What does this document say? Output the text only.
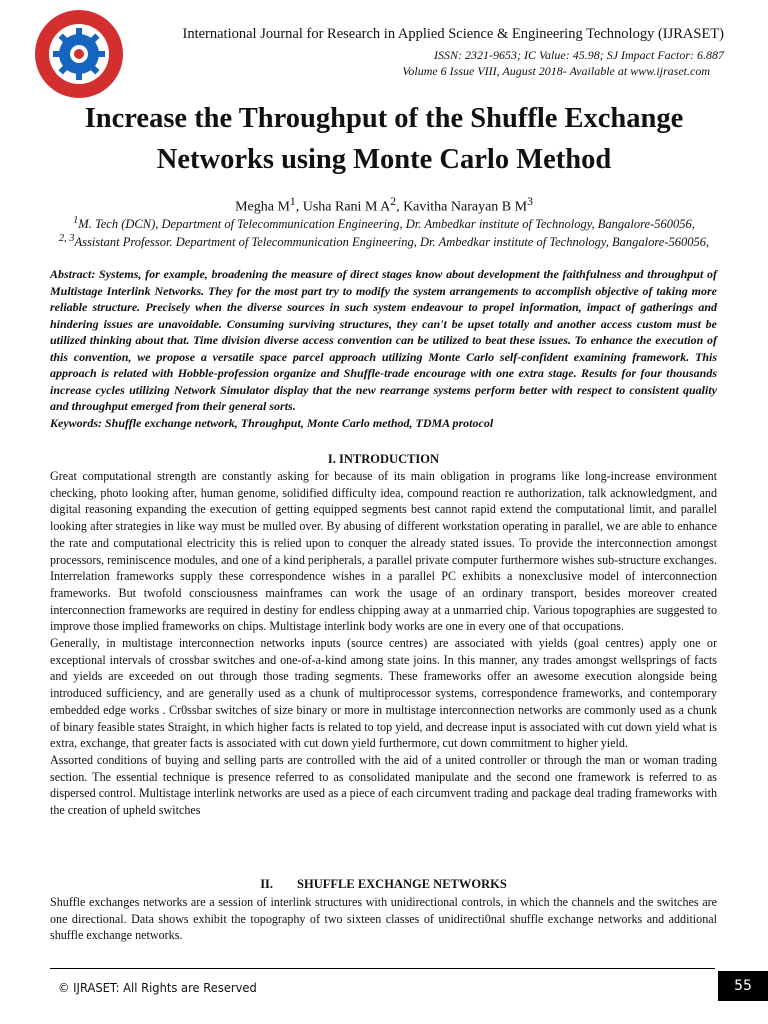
International Journal for Research in Applied Science & Engineering Technology (IJRASET)
ISSN: 2321-9653; IC Value: 45.98; SJ Impact Factor: 6.887
Volume 6 Issue VIII, August 2018- Available at www.ijraset.com
Increase the Throughput of the Shuffle Exchange Networks using Monte Carlo Method
Megha $M^1$, Usha Rani M $A^2$, Kavitha Narayan B $M^3$
$^1$M. Tech (DCN), Department of Telecommunication Engineering, Dr. Ambedkar institute of Technology, Bangalore-560056,
$^{2, 3}$Assistant Professor. Department of Telecommunication Engineering, Dr. Ambedkar institute of Technology, Bangalore-560056,

Abstract: Systems, for example, broadening the measure of direct stages know about development the faithfulness and throughput of Multistage Interlink Networks. They for the most part try to modify the system arrangements to accomplish objective of taking more reliable structure. Precisely when the diverse sources in such system endeavour to propel information, impact of gatherings and hindering issues are unavoidable. Consuming surviving structures, they can't be upset totally and another access custom must be utilized thinking about that. Time division diverse access convention can be utilized to beat these issues. To enhance the execution of this convention, we propose a versatile space parcel approach utilizing Monte Carlo self-confident examining framework. This approach is related with Hobble-profession organize and Shuffle-trade encourage with one extra stage. Results for four thousands increase cycles utilizing Network Simulator display that the new rearrange systems perform better with respect to consistent quality and throughput emerged from their general sorts.

Keywords: Shuffle exchange network, Throughput, Monte Carlo method, TDMA protocol

I. INTRODUCTION

Great computational strength are constantly asking for because of its main obligation in programs like long-increase environment checking, photo looking after, human genome, solidified difficulty idea, compound reaction re authorization, talk acknowledgment, and digital reasoning expanding the execution of getting equipped segments best cannot rapid extend the computational limit, and parallel looking after strategies in like way must be mulled over. By abusing of different workstation operating in parallel, we are able to enhance the rate and computational electricity this is relied upon to conquer the already stated issues. To provide the interconnection amongst processors, reminiscence modules, and one of a kind peripherals, a parallel private computer furthermore wishes sub-structure exchanges.

Interrelation frameworks supply these correspondence wishes in a parallel PC exhibits a nonexclusive model of interconnection frameworks. But twofold consciousness mainframes can work the usage of an ordinary transport, besides moreover created interconnection frameworks are required in destiny for endless chipping away at a unmarried chip. Various topographies are suggested to improve those implied frameworks on chips. Multistage interlink body works are one in every one of that occupations.

Generally, in multistage interconnection networks inputs (source centres) are associated with yields (goal centres) apply one or exceptional intervals of crossbar switches and one-of-a-kind among state joins. In this manner, any trades amongst wellsprings of facts and yields are exceeded on out through those trading segments. These frameworks offer an awesome execution alongside being introduced sufficiency, and are generally used as a chunk of multiprocessor systems, correspondence frameworks, and contemporary embedded edge works . Cr0ssbar switches of size binary or more in multistage interconnection networks are commonly used as a chunk of binary feasible states Straight, in which higher facts is related to top yield, and decrease input is associated with cut down yield what is extra, exchange, that greater facts is associated with cut down yield furthermore, cut down commitment to higher yield.

Assorted conditions of buying and selling parts are controlled with the aid of a united controller or through the man or woman trading section. The essential technique is presence referred to as consolidated manipulate and the second one framework is referred to as dispersed control. Multistage interlink networks are used as a piece of each circumvent trading and package deal trading frameworks with the creation of upheld switches

II. SHUFFLE EXCHANGE NETWORKS

Shuffle exchanges networks are a session of interlink structures with unidirectional controls, in which the channels and the switches are one directional. Data shows exhibit the topography of two sixteen classes of unidirecti0nal shuffle exchange networks and additional shuffle exchange networks.

© IJRASET: All Rights are Reserved	55
